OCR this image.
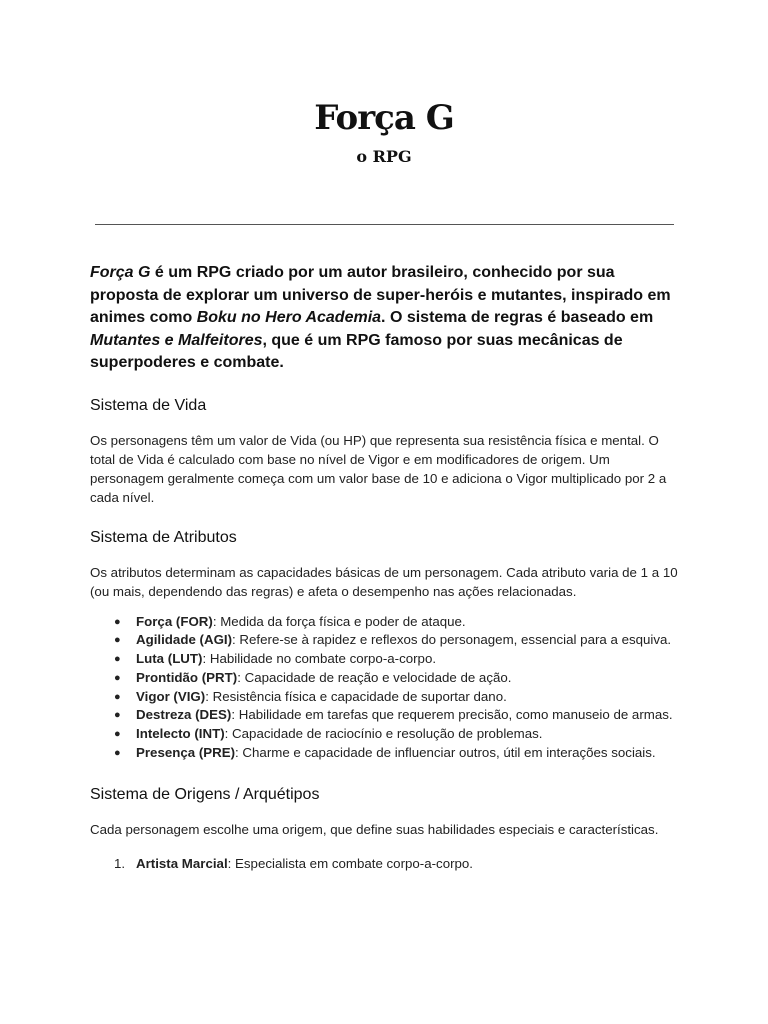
Força G
o RPG

Força G é um RPG criado por um autor brasileiro, conhecido por sua proposta de explorar um universo de super-heróis e mutantes, inspirado em animes como Boku no Hero Academia. O sistema de regras é baseado em Mutantes e Malfeitores, que é um RPG famoso por suas mecânicas de superpoderes e combate.

Sistema de Vida

Os personagens têm um valor de Vida (ou HP) que representa sua resistência física e mental. O total de Vida é calculado com base no nível de Vigor e em modificadores de origem. Um personagem geralmente começa com um valor base de 10 e adiciona o Vigor multiplicado por 2 a cada nível.

Sistema de Atributos

Os atributos determinam as capacidades básicas de um personagem. Cada atributo varia de 1 a 10 (ou mais, dependendo das regras) e afeta o desempenho nas ações relacionadas.

● Força (FOR): Medida da força física e poder de ataque.
● Agilidade (AGI): Refere-se à rapidez e reflexos do personagem, essencial para a esquiva.
● Luta (LUT): Habilidade no combate corpo-a-corpo.
● Prontidão (PRT): Capacidade de reação e velocidade de ação.
● Vigor (VIG): Resistência física e capacidade de suportar dano.
● Destreza (DES): Habilidade em tarefas que requerem precisão, como manuseio de armas.
● Intelecto (INT): Capacidade de raciocínio e resolução de problemas.
● Presença (PRE): Charme e capacidade de influenciar outros, útil em interações sociais.
Sistema de Origens / Arquétipos

Cada personagem escolhe uma origem, que define suas habilidades especiais e características.

1. Artista Marcial: Especialista em combate corpo-a-corpo.
